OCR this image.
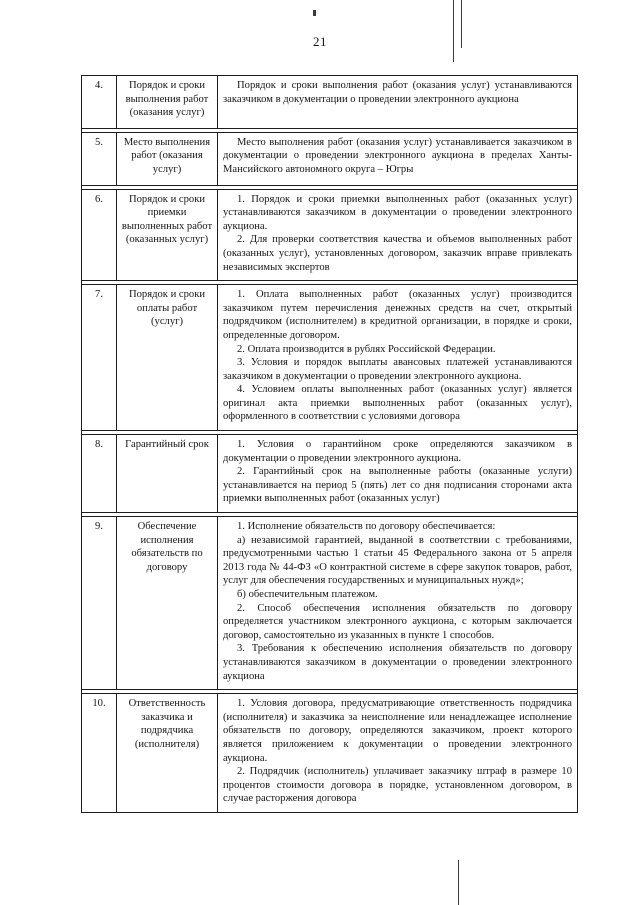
21
4.	Порядок и сроки выполнения работ (оказания услуг)	Порядок и сроки выполнения работ (оказания услуг) устанавливаются заказчиком в документации о проведении электронного аукциона

5.	Место выполнения работ (оказания услуг)	Место выполнения работ (оказания услуг) устанавливается заказчиком в документации о проведении электронного аукциона в пределах Ханты-Мансийского автономного округа – Югры

6.	Порядок и сроки приемки выполненных работ (оказанных услуг)	1. Порядок и сроки приемки выполненных работ (оказанных услуг) устанавливаются заказчиком в документации о проведении электронного аукциона.

2. Для проверки соответствия качества и объемов выполненных работ (оказанных услуг), установленных договором, заказчик вправе привлекать независимых экспертов

7.	Порядок и сроки оплаты работ (услуг)	1. Оплата выполненных работ (оказанных услуг) производится заказчиком путем перечисления денежных средств на счет, открытый подрядчиком (исполнителем) в кредитной организации, в порядке и сроки, определенные договором.

2. Оплата производится в рублях Российской Федерации.

3. Условия и порядок выплаты авансовых платежей устанавливаются заказчиком в документации о проведении электронного аукциона.

4. Условием оплаты выполненных работ (оказанных услуг) является оригинал акта приемки выполненных работ (оказанных услуг), оформленного в соответствии с условиями договора

8.	Гарантийный срок	1. Условия о гарантийном сроке определяются заказчиком в документации о проведении электронного аукциона.

2. Гарантийный срок на выполненные работы (оказанные услуги) устанавливается на период 5 (пять) лет со дня подписания сторонами акта приемки выполненных работ (оказанных услуг)

9.	Обеспечение исполнения обязательств по договору	1. Исполнение обязательств по договору обеспечивается:

а) независимой гарантией, выданной в соответствии с требованиями, предусмотренными частью 1 статьи 45 Федерального закона от 5 апреля 2013 года № 44-ФЗ «О контрактной системе в сфере закупок товаров, работ, услуг для обеспечения государственных и муниципальных нужд»;

б) обеспечительным платежом.

2. Способ обеспечения исполнения обязательств по договору определяется участником электронного аукциона, с которым заключается договор, самостоятельно из указанных в пункте 1 способов.

3. Требования к обеспечению исполнения обязательств по договору устанавливаются заказчиком в документации о проведении электронного аукциона

10.	Ответственность заказчика и подрядчика (исполнителя)	1. Условия договора, предусматривающие ответственность подрядчика (исполнителя) и заказчика за неисполнение или ненадлежащее исполнение обязательств по договору, определяются заказчиком, проект которого является приложением к документации о проведении электронного аукциона.

2. Подрядчик (исполнитель) уплачивает заказчику штраф в размере 10 процентов стоимости договора в порядке, установленном договором, в случае расторжения договора
